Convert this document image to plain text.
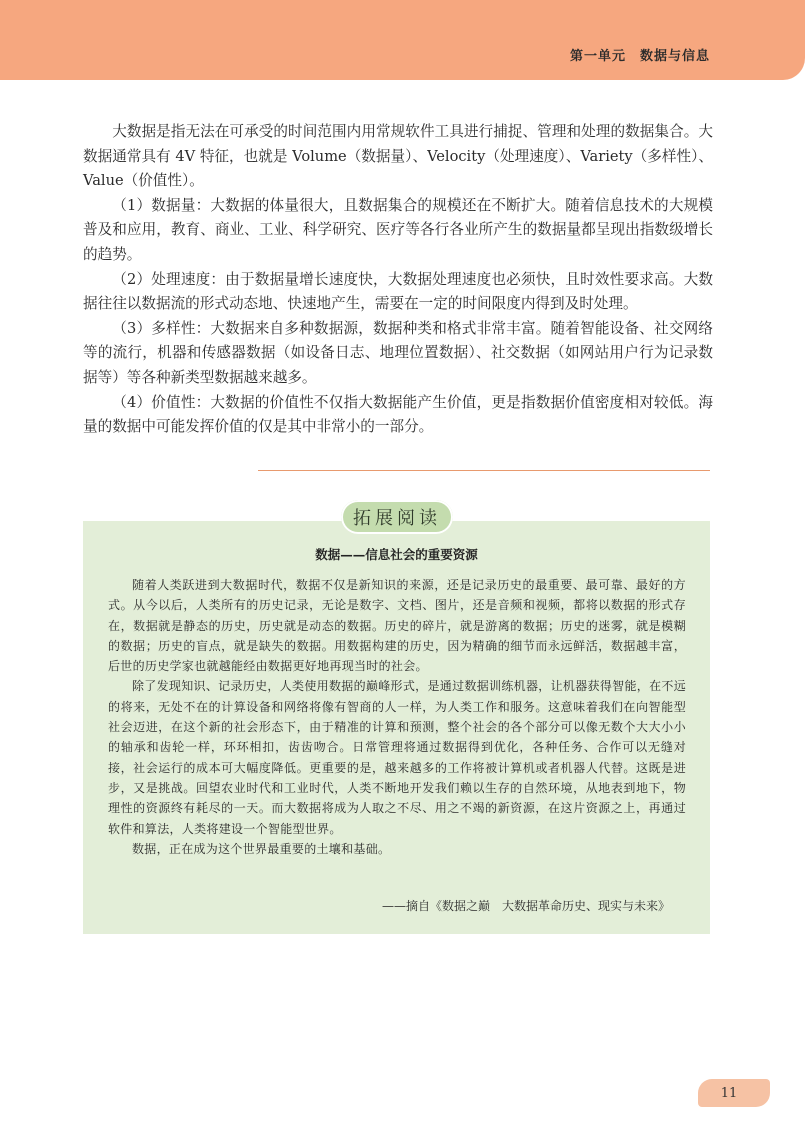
第一单元　数据与信息

大数据是指无法在可承受的时间范围内用常规软件工具进行捕捉、管理和处理的数据集合。大数据通常具有 4V 特征，也就是 Volume（数据量）、Velocity（处理速度）、Variety（多样性）、Value（价值性）。

（1）数据量：大数据的体量很大，且数据集合的规模还在不断扩大。随着信息技术的大规模普及和应用，教育、商业、工业、科学研究、医疗等各行各业所产生的数据量都呈现出指数级增长的趋势。

（2）处理速度：由于数据量增长速度快，大数据处理速度也必须快，且时效性要求高。大数据往往以数据流的形式动态地、快速地产生，需要在一定的时间限度内得到及时处理。

（3）多样性：大数据来自多种数据源，数据种类和格式非常丰富。随着智能设备、社交网络等的流行，机器和传感器数据（如设备日志、地理位置数据）、社交数据（如网站用户行为记录数据等）等各种新类型数据越来越多。

（4）价值性：大数据的价值性不仅指大数据能产生价值，更是指数据价值密度相对较低。海量的数据中可能发挥价值的仅是其中非常小的一部分。

拓展阅读
数据——信息社会的重要资源

随着人类跃进到大数据时代，数据不仅是新知识的来源，还是记录历史的最重要、最可靠、最好的方式。从今以后，人类所有的历史记录，无论是数字、文档、图片，还是音频和视频，都将以数据的形式存在，数据就是静态的历史，历史就是动态的数据。历史的碎片，就是游离的数据；历史的迷雾，就是模糊的数据；历史的盲点，就是缺失的数据。用数据构建的历史，因为精确的细节而永远鲜活，数据越丰富，后世的历史学家也就越能经由数据更好地再现当时的社会。

除了发现知识、记录历史，人类使用数据的巅峰形式，是通过数据训练机器，让机器获得智能，在不远的将来，无处不在的计算设备和网络将像有智商的人一样，为人类工作和服务。这意味着我们在向智能型社会迈进，在这个新的社会形态下，由于精准的计算和预测，整个社会的各个部分可以像无数个大大小小的轴承和齿轮一样，环环相扣，齿齿吻合。日常管理将通过数据得到优化，各种任务、合作可以无缝对接，社会运行的成本可大幅度降低。更重要的是，越来越多的工作将被计算机或者机器人代替。这既是进步，又是挑战。回望农业时代和工业时代，人类不断地开发我们赖以生存的自然环境，从地表到地下，物理性的资源终有耗尽的一天。而大数据将成为人取之不尽、用之不竭的新资源，在这片资源之上，再通过软件和算法，人类将建设一个智能型世界。

数据，正在成为这个世界最重要的土壤和基础。

——摘自《数据之巅　大数据革命历史、现实与未来》
11
